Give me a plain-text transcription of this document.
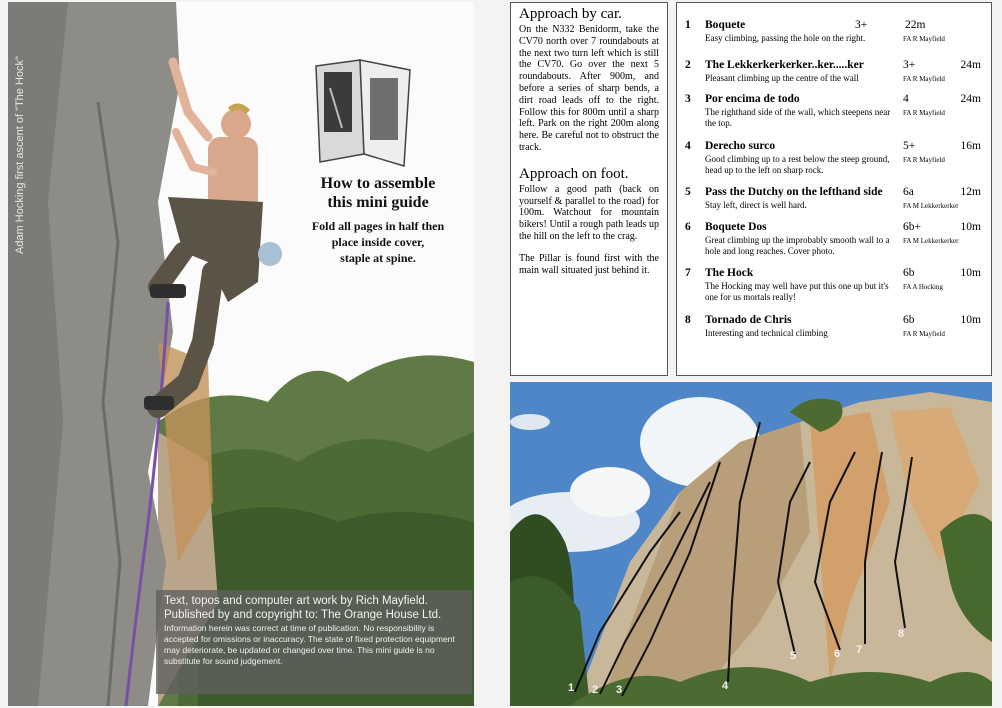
Adam Hocking first ascent of "The Hock"	How to assemble
this mini guide

Fold all pages in half then
place inside cover,
staple at spine.

Text, topos and computer art work by Rich Mayfield.
Published by and copyright to: The Orange House Ltd.
Information herein was correct at time of publication. No responsibility is accepted for omissions or inaccuracy. The state of fixed protection equipment may deteriorate, be updated or changed over time. This mini guide is no substitute for sound judgement.
Approach by car.

On the N332 Benidorm, take the CV70 north over 7 roundabouts at the next two turn left which is still the CV70. Go over the next 5 roundabouts. After 900m, and before a series of sharp bends, a dirt road leads off to the right. Follow this for 800m until a sharp left. Park on the right 200m along here. Be careful not to obstruct the track.

Approach on foot.

Follow a good path (back on yourself & parallel to the road) for 100m. Watchout for mountain bikers! Until a rough path leads up the hill on the left to the crag.

The Pillar is found first with the main wall situated just behind it.

1 Boquete	3+	22m
Easy climbing, passing the hole on the right.	FA R Mayfield
2 The Lekkerkerkerker..ker.....ker	3+	24m
Pleasant climbing up the centre of the wall	FA R Mayfield
3 Por encima de todo	4	24m
The righthand side of the wall, which steepens near the top.
FA R Mayfield
4 Derecho surco	5+	16m
Good climbing up to a rest below the steep ground, head up to the left on sharp rock.
FA R Mayfield
5 Pass the Dutchy on the lefthand side 6a	12m
Stay left, direct is well hard.	FA M Lekkerkerker
6 Boquete Dos	6b+	10m
Great climbing up the improbably smooth wall to a hole and long reaches. Cover photo.
FA M Lekkerkerker
7 The Hock	6b	10m
The Hocking may well have put this one up but it's one for us mortals really!
FA A Hocking
8 Tornado de Chris	6b	10m
Interesting and technical climbing	FA R Mayfield
1 2 3	4
5	6 7
8
